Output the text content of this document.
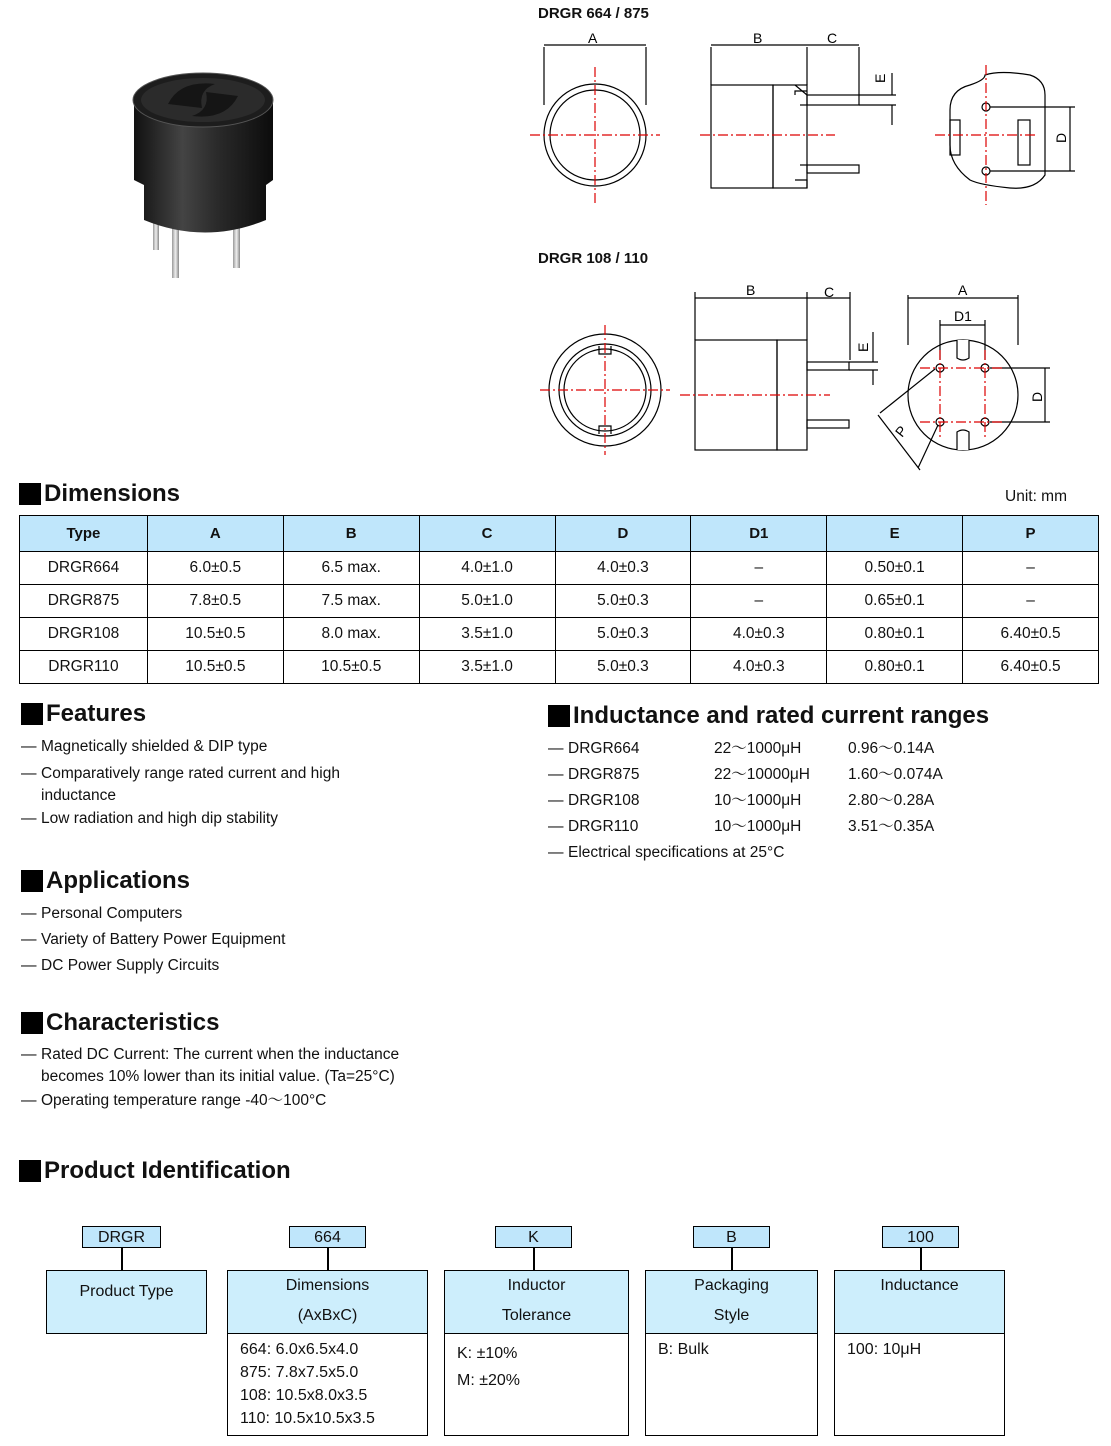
DRGR 664 / 875
DRGR 108 / 110
A	B	C
E
D
B	C
E
A
D1
D
P
Dimensions	Unit: mm
Type	A	B	C	D	D1	E	P
DRGR664	6.0±0.5	6.5 max.	4.0±1.0	4.0±0.3	–	0.50±0.1	–
DRGR875	7.8±0.5	7.5 max.	5.0±1.0	5.0±0.3	–	0.65±0.1	–
DRGR108	10.5±0.5	8.0 max.	3.5±1.0	5.0±0.3	4.0±0.3	0.80±0.1	6.40±0.5
DRGR110	10.5±0.5	10.5±0.5	3.5±1.0	5.0±0.3	4.0±0.3	0.80±0.1	6.40±0.5
Features
— Magnetically shielded & DIP type
— Comparatively range rated current and high
inductance
— Low radiation and high dip stability
Inductance and rated current ranges
— DRGR664	22～1000μH	0.96～0.14A
— DRGR875	22～10000μH	1.60～0.074A
— DRGR108	10～1000μH	2.80～0.28A
— DRGR110	10～1000μH	3.51～0.35A
— Electrical specifications at 25°C
Applications
— Personal Computers
— Variety of Battery Power Equipment
— DC Power Supply Circuits
Characteristics
— Rated DC Current: The current when the inductance
becomes 10% lower than its initial value. (Ta=25°C)
— Operating temperature range -40～100°C
Product Identification
DRGR
Product Type
664
Dimensions
(AxBxC)
664: 6.0x6.5x4.0
875: 7.8x7.5x5.0
108: 10.5x8.0x3.5
110: 10.5x10.5x3.5
K
Inductor
Tolerance
K: ±10%
M: ±20%
B
Packaging
Style
B: Bulk
100
Inductance
100: 10μH
